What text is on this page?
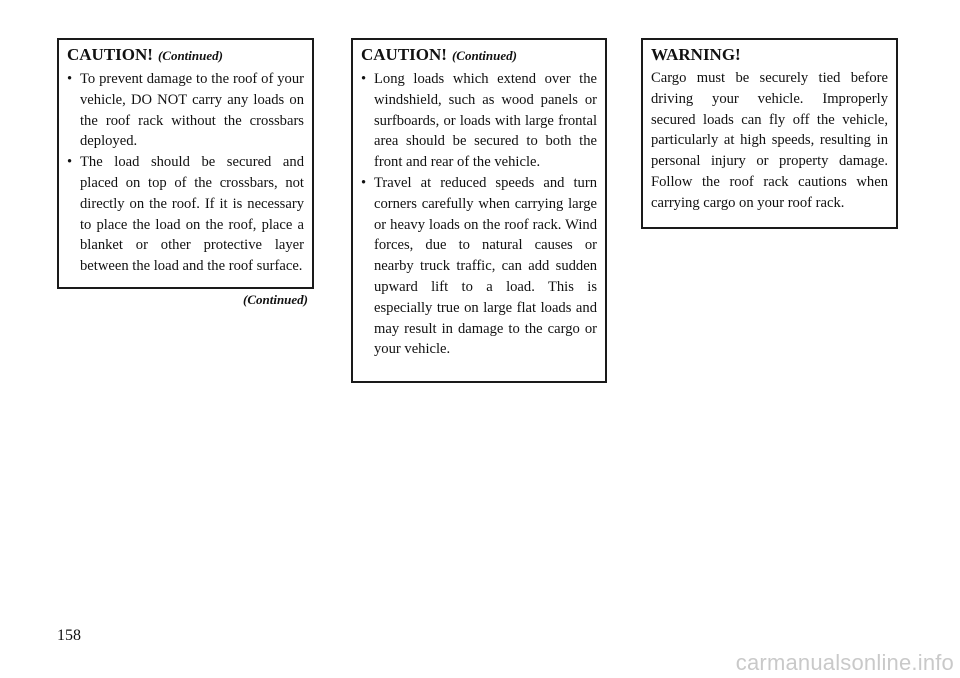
CAUTION! (Continued)
• To prevent damage to the roof of your vehicle, DO NOT carry any loads on the roof rack without the crossbars deployed.
• The load should be secured and placed on top of the crossbars, not directly on the roof. If it is necessary to place the load on the roof, place a blanket or other protective layer between the load and the roof surface.
(Continued)
CAUTION! (Continued)
• Long loads which extend over the windshield, such as wood panels or surfboards, or loads with large frontal area should be secured to both the front and rear of the vehicle.
• Travel at reduced speeds and turn corners carefully when carrying large or heavy loads on the roof rack. Wind forces, due to natural causes or nearby truck traffic, can add sudden upward lift to a load. This is especially true on large flat loads and may result in damage to the cargo or your vehicle.
WARNING!

Cargo must be securely tied before driving your vehicle. Improperly secured loads can fly off the vehicle, particularly at high speeds, resulting in personal injury or property damage. Follow the roof rack cautions when carrying cargo on your roof rack.

158
carmanualsonline.info
